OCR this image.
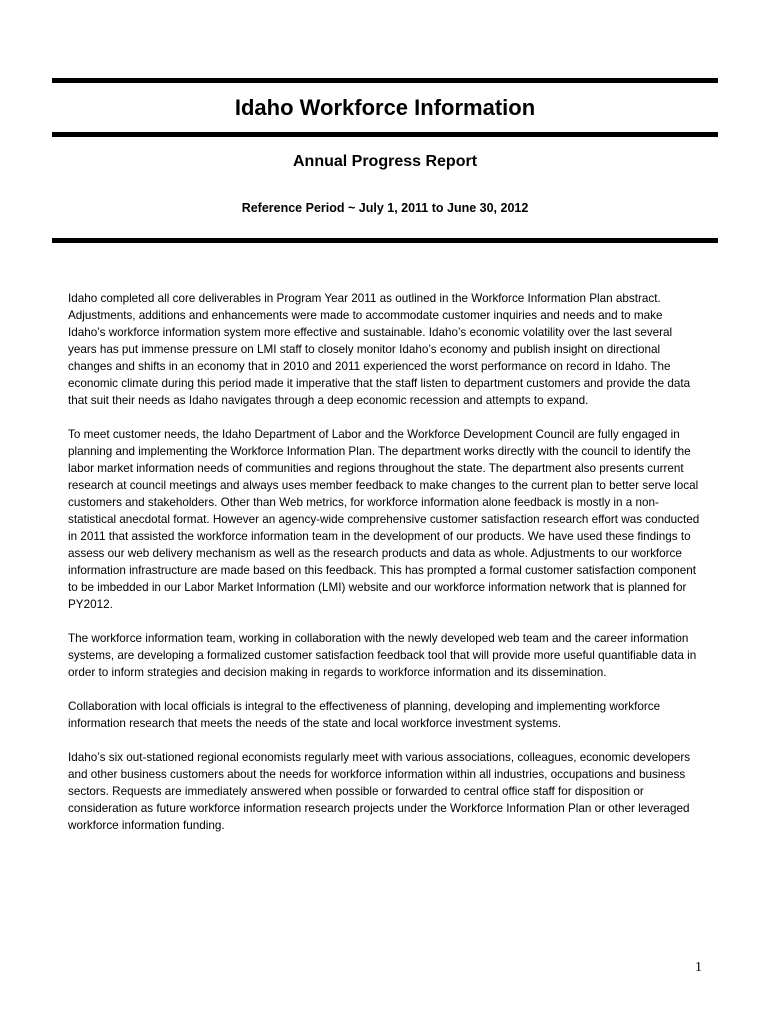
Idaho Workforce Information
Annual Progress Report
Reference Period ~ July 1, 2011 to June 30, 2012

Idaho completed all core deliverables in Program Year 2011 as outlined in the Workforce Information Plan abstract. Adjustments, additions and enhancements were made to accommodate customer inquiries and needs and to make Idaho’s workforce information system more effective and sustainable. Idaho’s economic volatility over the last several years has put immense pressure on LMI staff to closely monitor Idaho’s economy and publish insight on directional changes and shifts in an economy that in 2010 and 2011 experienced the worst performance on record in Idaho. The economic climate during this period made it imperative that the staff listen to department customers and provide the data that suit their needs as Idaho navigates through a deep economic recession and attempts to expand.

To meet customer needs, the Idaho Department of Labor and the Workforce Development Council are fully engaged in planning and implementing the Workforce Information Plan. The department works directly with the council to identify the labor market information needs of communities and regions throughout the state. The department also presents current research at council meetings and always uses member feedback to make changes to the current plan to better serve local customers and stakeholders. Other than Web metrics, for workforce information alone feedback is mostly in a non-statistical anecdotal format. However an agency-wide comprehensive customer satisfaction research effort was conducted in 2011 that assisted the workforce information team in the development of our products. We have used these findings to assess our web delivery mechanism as well as the research products and data as whole. Adjustments to our workforce information infrastructure are made based on this feedback. This has prompted a formal customer satisfaction component to be imbedded in our Labor Market Information (LMI) website and our workforce information network that is planned for PY2012.

The workforce information team, working in collaboration with the newly developed web team and the career information systems, are developing a formalized customer satisfaction feedback tool that will provide more useful quantifiable data in order to inform strategies and decision making in regards to workforce information and its dissemination.

Collaboration with local officials is integral to the effectiveness of planning, developing and implementing workforce information research that meets the needs of the state and local workforce investment systems.

Idaho’s six out-stationed regional economists regularly meet with various associations, colleagues, economic developers and other business customers about the needs for workforce information within all industries, occupations and business sectors. Requests are immediately answered when possible or forwarded to central office staff for disposition or consideration as future workforce information research projects under the Workforce Information Plan or other leveraged workforce information funding.

1
